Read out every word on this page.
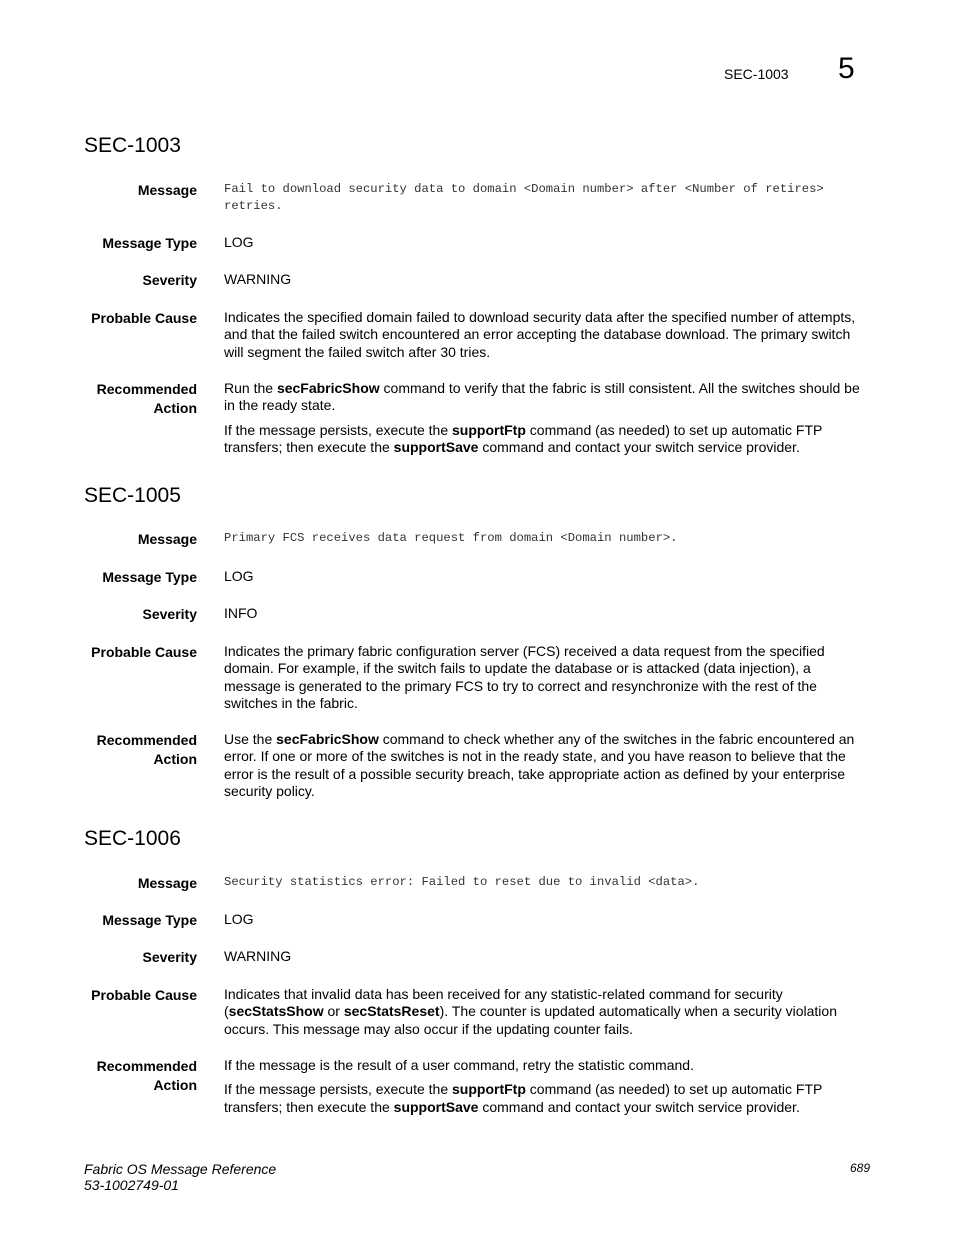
SEC-1003 5
SEC-1003
Message Fail to download security data to domain <Domain number> after <Number of retires> retries.
Message Type LOG
Severity WARNING
Probable Cause Indicates the specified domain failed to download security data after the specified number of attempts, and that the failed switch encountered an error accepting the database download. The primary switch will segment the failed switch after 30 tries.
Recommended
Action

Run the secFabricShow command to verify that the fabric is still consistent. All the switches should be in the ready state.

If the message persists, execute the supportFtp command (as needed) to set up automatic FTP transfers; then execute the supportSave command and contact your switch service provider.

SEC-1005
Message Primary FCS receives data request from domain <Domain number>.
Message Type LOG
Severity INFO
Probable Cause Indicates the primary fabric configuration server (FCS) received a data request from the specified domain. For example, if the switch fails to update the database or is attacked (data injection), a message is generated to the primary FCS to try to correct and resynchronize with the rest of the switches in the fabric.
Recommended
Action

Use the secFabricShow command to check whether any of the switches in the fabric encountered an error. If one or more of the switches is not in the ready state, and you have reason to believe that the error is the result of a possible security breach, take appropriate action as defined by your enterprise security policy.

SEC-1006
Message Security statistics error: Failed to reset due to invalid <data>.
Message Type LOG
Severity WARNING
Probable Cause Indicates that invalid data has been received for any statistic-related command for security (secStatsShow or secStatsReset). The counter is updated automatically when a security violation occurs. This message may also occur if the updating counter fails.
Recommended
Action

If the message is the result of a user command, retry the statistic command.

If the message persists, execute the supportFtp command (as needed) to set up automatic FTP transfers; then execute the supportSave command and contact your switch service provider.

Fabric OS Message Reference
53-1002749-01
689
